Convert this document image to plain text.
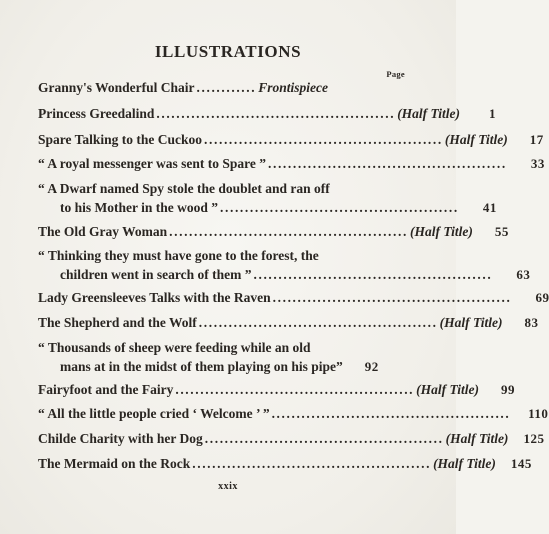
ILLUSTRATIONS
Page
Granny's Wonderful Chair ............ Frontispiece
Princess Greedalind ................................................ (Half Title)	1
Spare Talking to the Cuckoo ................................................ (Half Title)	17
“ A royal messenger was sent to Spare ” ................................................	33
“ A Dwarf named Spy stole the doublet and ran off
to his Mother in the wood ” ................................................	41
The Old Gray Woman ................................................ (Half Title)	55
“ Thinking they must have gone to the forest, the
children went in search of them ” ................................................	63
Lady Greensleeves Talks with the Raven ................................................	69
The Shepherd and the Wolf ................................................ (Half Title)	83
“ Thousands of sheep were feeding while an old
mans at in the midst of them playing on his pipe”	92
Fairyfoot and the Fairy ................................................ (Half Title)	99
“ All the little people cried ‘ Welcome ’ ” ................................................	110
Childe Charity with her Dog ................................................ (Half Title)	125
The Mermaid on the Rock ................................................ (Half Title)	145
xxix
